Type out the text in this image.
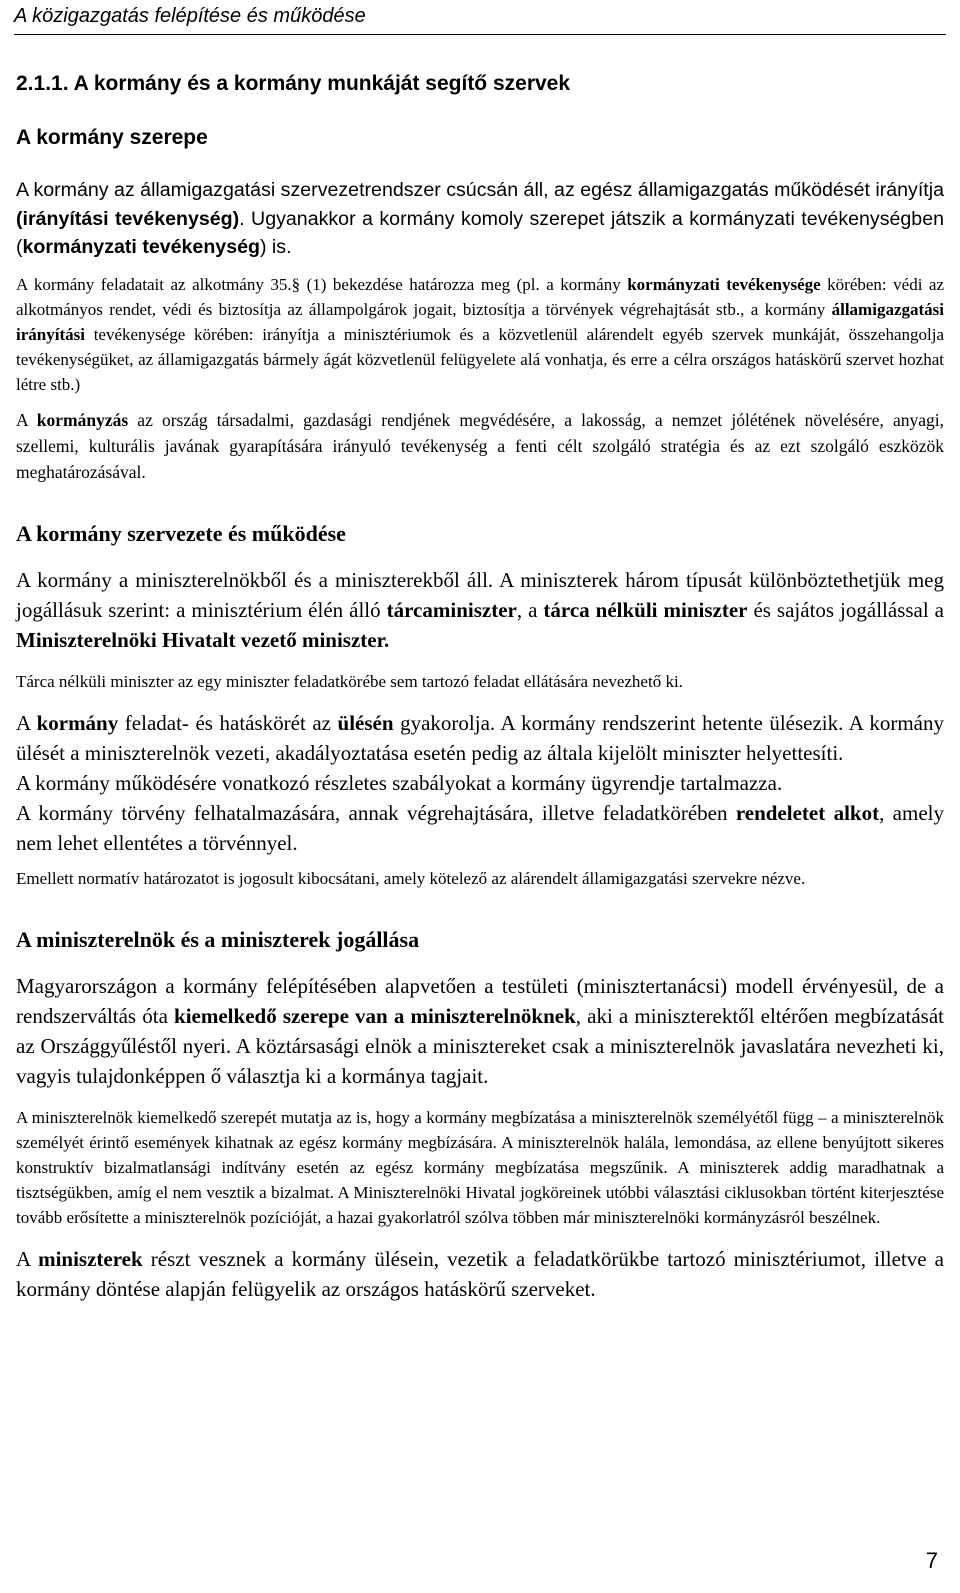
A közigazgatás felépítése és működése
2.1.1. A kormány és a kormány munkáját segítő szervek
A kormány szerepe

A kormány az államigazgatási szervezetrendszer csúcsán áll, az egész államigazgatás működését irányítja (irányítási tevékenység). Ugyanakkor a kormány komoly szerepet játszik a kormányzati tevékenységben (kormányzati tevékenység) is.

A kormány feladatait az alkotmány 35.§ (1) bekezdése határozza meg (pl. a kormány kormányzati tevékenysége körében: védi az alkotmányos rendet, védi és biztosítja az állampolgárok jogait, biztosítja a törvények végrehajtását stb., a kormány államigazgatási irányítási tevékenysége körében: irányítja a minisztériumok és a közvetlenül alárendelt egyéb szervek munkáját, összehangolja tevékenységüket, az államigazgatás bármely ágát közvetlenül felügyelete alá vonhatja, és erre a célra országos hatáskörű szervet hozhat létre stb.)

A kormányzás az ország társadalmi, gazdasági rendjének megvédésére, a lakosság, a nemzet jólétének növelésére, anyagi, szellemi, kulturális javának gyarapítására irányuló tevékenység a fenti célt szolgáló stratégia és az ezt szolgáló eszközök meghatározásával.

A kormány szervezete és működése

A kormány a miniszterelnökből és a miniszterekből áll. A miniszterek három típusát különböztethetjük meg jogállásuk szerint: a minisztérium élén álló tárcaminiszter, a tárca nélküli miniszter és sajátos jogállással a Miniszterelnöki Hivatalt vezető miniszter.

Tárca nélküli miniszter az egy miniszter feladatkörébe sem tartozó feladat ellátására nevezhető ki.

A kormány feladat- és hatáskörét az ülésén gyakorolja. A kormány rendszerint hetente ülésezik. A kormány ülését a miniszterelnök vezeti, akadályoztatása esetén pedig az általa kijelölt miniszter helyettesíti.

A kormány működésére vonatkozó részletes szabályokat a kormány ügyrendje tartalmazza.

A kormány törvény felhatalmazására, annak végrehajtására, illetve feladatkörében rendeletet alkot, amely nem lehet ellentétes a törvénnyel.

Emellett normatív határozatot is jogosult kibocsátani, amely kötelező az alárendelt államigazgatási szervekre nézve.

A miniszterelnök és a miniszterek jogállása

Magyarországon a kormány felépítésében alapvetően a testületi (minisztertanácsi) modell érvényesül, de a rendszerváltás óta kiemelkedő szerepe van a miniszterelnöknek, aki a miniszterektől eltérően megbízatását az Országgyűléstől nyeri. A köztársasági elnök a minisztereket csak a miniszterelnök javaslatára nevezheti ki, vagyis tulajdonképpen ő választja ki a kormánya tagjait.

A miniszterelnök kiemelkedő szerepét mutatja az is, hogy a kormány megbízatása a miniszterelnök személyétől függ – a miniszterelnök személyét érintő események kihatnak az egész kormány megbízására. A miniszterelnök halála, lemondása, az ellene benyújtott sikeres konstruktív bizalmatlansági indítvány esetén az egész kormány megbízatása megszűnik. A miniszterek addig maradhatnak a tisztségükben, amíg el nem vesztik a bizalmat. A Miniszterelnöki Hivatal jogköreinek utóbbi választási ciklusokban történt kiterjesztése tovább erősítette a miniszterelnök pozícióját, a hazai gyakorlatról szólva többen már miniszterelnöki kormányzásról beszélnek.

A miniszterek részt vesznek a kormány ülésein, vezetik a feladatkörükbe tartozó minisztériumot, illetve a kormány döntése alapján felügyelik az országos hatáskörű szerveket.

7
